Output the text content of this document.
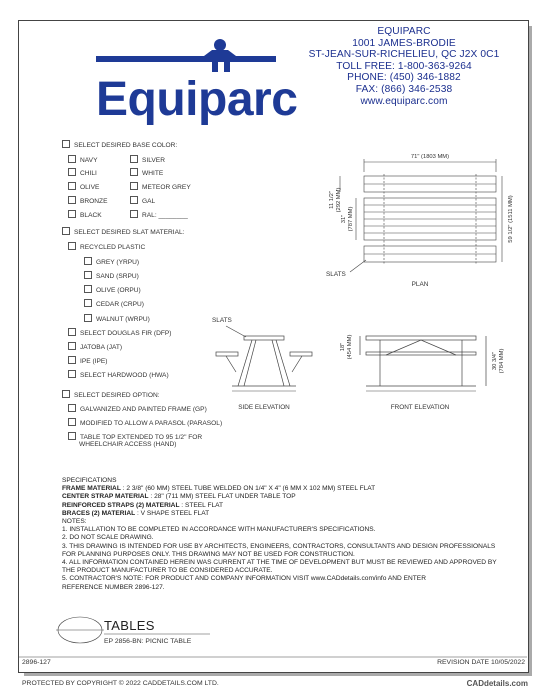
EQUIPARC
1001 JAMES-BRODIE
ST-JEAN-SUR-RICHELIEU, QC J2X 0C1
TOLL FREE: 1-800-363-9264
PHONE: (450) 346-1882
FAX: (866) 346-2538
www.equiparc.com
Equiparc
SELECT DESIRED BASE COLOR:
NAVY
CHILI
OLIVE
BRONZE
BLACK
SILVER
WHITE
METEOR GREY
GAL
RAL: ________
SELECT DESIRED SLAT MATERIAL:
RECYCLED PLASTIC
GREY (YRPU)
SAND (SRPU)
OLIVE (ORPU)
CEDAR (CRPU)
WALNUT (WRPU)
SELECT DOUGLAS FIR (DFP)
JATOBA (JAT)
IPE (IPE)
SELECT HARDWOOD (HWA)
SELECT DESIRED OPTION:
GALVANIZED AND PAINTED FRAME (GP)
MODIFIED TO ALLOW A PARASOL (PARASOL)
TABLE TOP EXTENDED TO 95 1/2" FOR
WHEELCHAIR ACCESS (HAND)
71" (1803 MM)
11 1/2" (292 MM)
31" (787 MM)	59 1/2" (1511 MM)
SLATS
PLAN
SLATS
SIDE ELEVATION
18" (454 MM)
30 3/4" (784 MM)
FRONT ELEVATION
SPECIFICATIONS
FRAME MATERIAL : 2 3/8" (60 MM) STEEL TUBE WELDED ON 1/4" X 4" (6 MM X 102 MM) STEEL FLAT
CENTER STRAP MATERIAL : 28" (711 MM) STEEL FLAT UNDER TABLE TOP
REINFORCED STRAPS (2) MATERIAL : STEEL FLAT
BRACES (2) MATERIAL : V SHAPE STEEL FLAT
NOTES:
1. INSTALLATION TO BE COMPLETED IN ACCORDANCE WITH MANUFACTURER'S SPECIFICATIONS.
2. DO NOT SCALE DRAWING.
3. THIS DRAWING IS INTENDED FOR USE BY ARCHITECTS, ENGINEERS, CONTRACTORS, CONSULTANTS AND DESIGN PROFESSIONALS
FOR PLANNING PURPOSES ONLY. THIS DRAWING MAY NOT BE USED FOR CONSTRUCTION.
4. ALL INFORMATION CONTAINED HEREIN WAS CURRENT AT THE TIME OF DEVELOPMENT BUT MUST BE REVIEWED AND APPROVED BY
THE PRODUCT MANUFACTURER TO BE CONSIDERED ACCURATE.
5. CONTRACTOR'S NOTE: FOR PRODUCT AND COMPANY INFORMATION VISIT www.CADdetails.com/info AND ENTER
REFERENCE NUMBER 2896-127.
TABLES
EP 2856-BN: PICNIC TABLE
2896-127	REVISION DATE 10/05/2022
PROTECTED BY COPYRIGHT © 2022 CADDETAILS.COM LTD.	CADdetails.com
